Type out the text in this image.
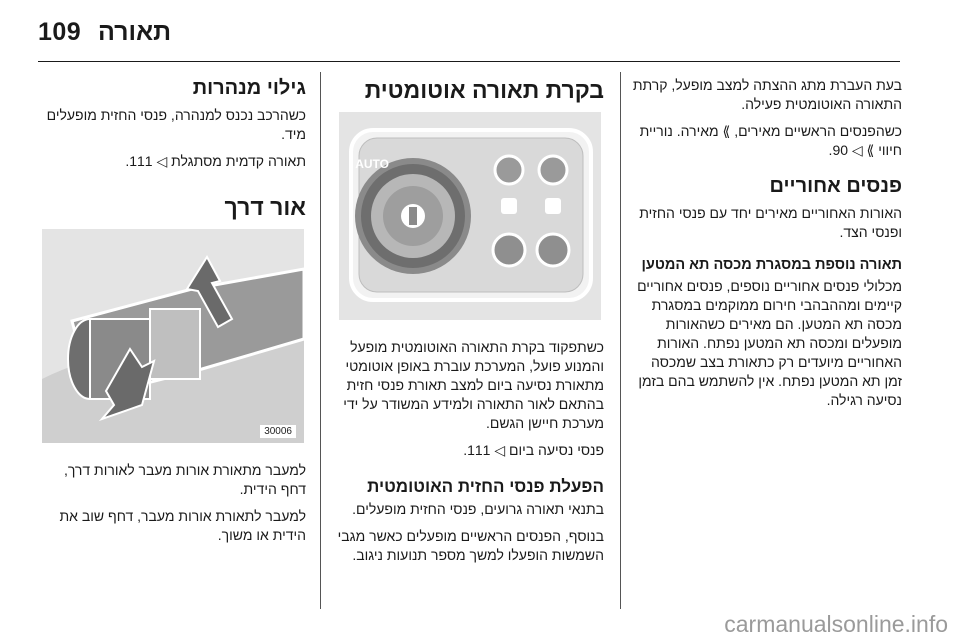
109 תאורה

בעת העברת מתג ההצתה למצב מופעל, קרתת התאורה האוטומטית פעילה.

כשהפנסים הראשיים מאירים, ⟫ מאירה. נוריית חיווי ⟫ ◁ 90.

פנסים אחוריים

האורות האחוריים מאירים יחד עם פנסי החזית ופנסי הצד.

תאורה נוספת במסגרת מכסה תא המטען

מכלולי פנסים אחוריים נוספים, פנסים אחוריים קיימים ומההבהבי חירום ממוקמים במסגרת מכסה תא המטען. הם מאירים כשהאורות מופעלים ומכסה תא המטען נפתח. האורות האחוריים מיועדים רק כתאורת בצב שמכסה זמן תא המטען נפתח. אין להשתמש בהם בזמן נסיעה רגילה.

בקרת תאורה אוטומטית
AUTO

כשתפקוד בקרת התאורה האוטומטית מופעל והמנוע פועל, המערכת עוברת באופן אוטומטי מתאורת נסיעה ביום למצב תאורת פנסי חזית בהתאם לאור התאורה ולמידע המשודר על ידי מערכת חיישן הגשם.

פנסי נסיעה ביום ◁ 111.

הפעלת פנסי החזית האוטומטית

בתנאי תאורה גרועים, פנסי החזית מופעלים.

בנוסף, הפנסים הראשיים מופעלים כאשר מגבי השמשות הופעלו למשך מספר תנועות ניגוב.

גילוי מנהרות

כשהרכב נכנס למנהרה, פנסי החזית מופעלים מיד.

תאורה קדמית מסתגלת ◁ 111.

אור דרך
30006

למעבר מתאורת אורות מעבר לאורות דרך, דחף הידית.

למעבר לתאורת אורות מעבר, דחף שוב את הידית או משוך.

carmanualsonline.info
